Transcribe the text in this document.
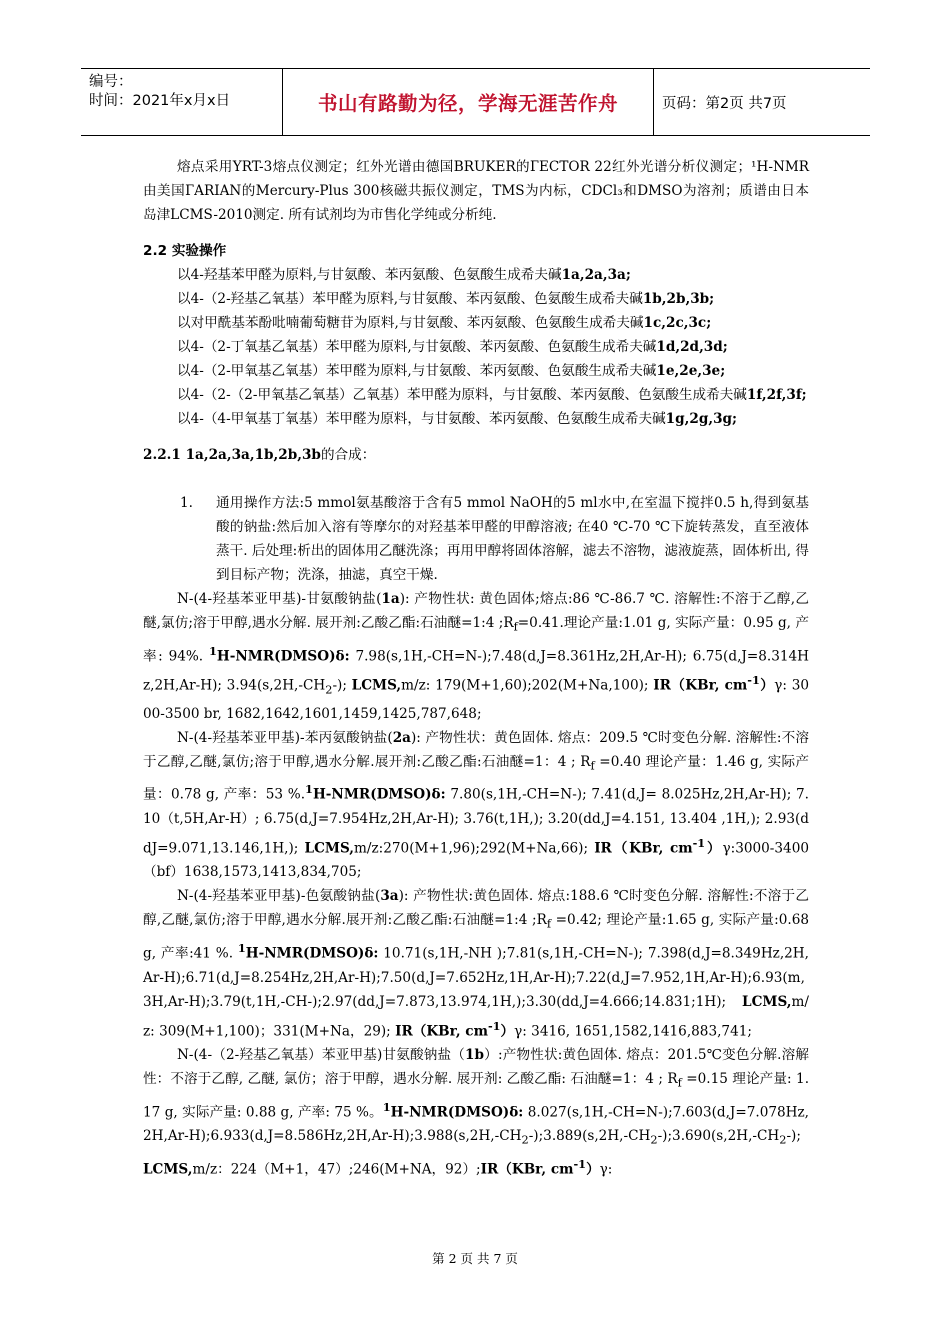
编号：
时间：2021年x月x日	书山有路勤为径，学海无涯苦作舟	页码：第2页 共7页

熔点采用YRT-3熔点仪测定；红外光谱由德国BRUKER的ГECTOR 22红外光谱分析仪测定；¹H-NMR由美国ГARIAN的Mercury-Plus 300核磁共振仪测定，TMS为内标，CDCl₃和DMSO为溶剂；质谱由日本 岛津LCMS-2010测定. 所有试剂均为市售化学纯或分析纯.

2.2 实验操作

以4-羟基苯甲醛为原料,与甘氨酸、苯丙氨酸、色氨酸生成希夫碱1a,2a,3a;

以4-（2-羟基乙氧基）苯甲醛为原料,与甘氨酸、苯丙氨酸、色氨酸生成希夫碱1b,2b,3b;

以对甲酰基苯酚吡喃葡萄糖苷为原料,与甘氨酸、苯丙氨酸、色氨酸生成希夫碱1c,2c,3c;

以4-（2-丁氧基乙氧基）苯甲醛为原料,与甘氨酸、苯丙氨酸、色氨酸生成希夫碱1d,2d,3d;

以4-（2-甲氧基乙氧基）苯甲醛为原料,与甘氨酸、苯丙氨酸、色氨酸生成希夫碱1e,2e,3e;

以4-（2-（2-甲氧基乙氧基）乙氧基）苯甲醛为原料，与甘氨酸、苯丙氨酸、色氨酸生成希夫碱1f,2f,3f;

以4-（4-甲氧基丁氧基）苯甲醛为原料，与甘氨酸、苯丙氨酸、色氨酸生成希夫碱1g,2g,3g;

2.2.1 1a,2a,3a,1b,2b,3b的合成：

1. 通用操作方法:5 mmol氨基酸溶于含有5 mmol NaOH的5 ml水中,在室温下搅拌0.5 h,得到氨基酸的钠盐:然后加入溶有等摩尔的对羟基苯甲醛的甲醇溶液; 在40 ℃-70 ℃下旋转蒸发，直至液体蒸干. 后处理:析出的固体用乙醚洗涤；再用甲醇将固体溶解，滤去不溶物，滤液旋蒸，固体析出, 得到目标产物；洗涤，抽滤，真空干燥.

N-(4-羟基苯亚甲基)-甘氨酸钠盐(1a): 产物性状: 黄色固体;熔点:86 ℃-86.7 ℃. 溶解性:不溶于乙醇,乙醚,氯仿;溶于甲醇,遇水分解. 展开剂:乙酸乙酯:石油醚=1:4 $;R_f=0.41$.理论产量:1.01 g, 实际产量：0.95 g, 产率: 94%. $^1$H-NMR(DMSO)δ: 7.98(s,1H,-CH=N-);7.48(d,J=8.361Hz,2H,Ar-H); 6.75(d,J=8.314Hz,2H,Ar-H); $3.94(s,2H,-CH_2-)$; LCMS,m/z: 179(M+1,60);202(M+Na,100); IR（KBr, $cm^{-1})\gamma$: 3000-3500 br, 1682,1642,1601,1459,1425,787,648;

N-(4-羟基苯亚甲基)-苯丙氨酸钠盐(2a): 产物性状：黄色固体. 熔点：209.5 ℃时变色分解. 溶解性:不溶于乙醇,乙醚,氯仿;溶于甲醇,遇水分解.展开剂:乙酸乙酯:石油醚=1：4 ; $R_f =0.40$ 理论产量：1.46 g, 实际产量：0.78 g, 产率：53 %.$^1$H-NMR(DMSO)δ: 7.80(s,1H,-CH=N-); 7.41(d,J= 8.025Hz,2H,Ar-H); 7.10（t,5H,Ar-H）; 6.75(d,J=7.954Hz,2H,Ar-H); 3.76(t,1H,); 3.20(dd,J=4.151, 13.404 ,1H,); 2.93(ddJ=9.071,13.146,1H,); LCMS,m/z:270(M+1,96);292(M+Na,66); IR（KBr, $cm^{-1})\gamma:3000-3400(bf)1638,1573,1413,834,705$;

N-(4-羟基苯亚甲基)-色氨酸钠盐(3a): 产物性状:黄色固体. 熔点:188.6 ℃时变色分解. 溶解性:不溶于乙醇,乙醚,氯仿;溶于甲醇,遇水分解.展开剂:乙酸乙酯:石油醚=1:4 $;R_f =0.42$; 理论产量:1.65 g, 实际产量:0.68 g, 产率:41 %. $^1$H-NMR(DMSO)δ: 10.71(s,1H,-NH );7.81(s,1H,-CH=N-); 7.398(d,J=8.349Hz,2H,Ar-H);6.71(d,J=8.254Hz,2H,Ar-H);7.50(d,J=7.652Hz,1H,Ar-H);7.22(d,J=7.952,1H,Ar-H);6.93(m,3H,Ar-H);3.79(t,1H,-CH-);2.97(dd,J=7.873,13.974,1H,);3.30(dd,J=4.666;14.831;1H); LCMS,m/z: 309(M+1,100)；331(M+Na，29); IR（KBr, $cm^{-1})\gamma$: 3416, 1651,1582,1416,883,741;

N-(4-（2-羟基乙氧基）苯亚甲基)甘氨酸钠盐（1b）:产物性状:黄色固体. 熔点：201.5℃变色分解.溶解性：不溶于乙醇, 乙醚, 氯仿；溶于甲醇，遇水分解. 展开剂: 乙酸乙酯: 石油醚=1：4 ; $R_f =0.15$ 理论产量: 1.17 g, 实际产量: 0.88 g, 产率: 75 %。$^1$H-NMR(DMSO)δ: $8.027(s,1H,-CH=N-);7.603(d,J=7.078Hz,2H,Ar-H);6.933(d,J=8.586Hz,2H,Ar-H);3.988(s,2H,-CH_2-);3.889(s,2H,-CH_2-);3.690(s,2H$,$-CH_2-);LCMS,m/z$：224（M+1，47）;246(M+NA，92）;IR（KBr, $cm^{-1})\gamma$:

第 2 页 共 7 页
